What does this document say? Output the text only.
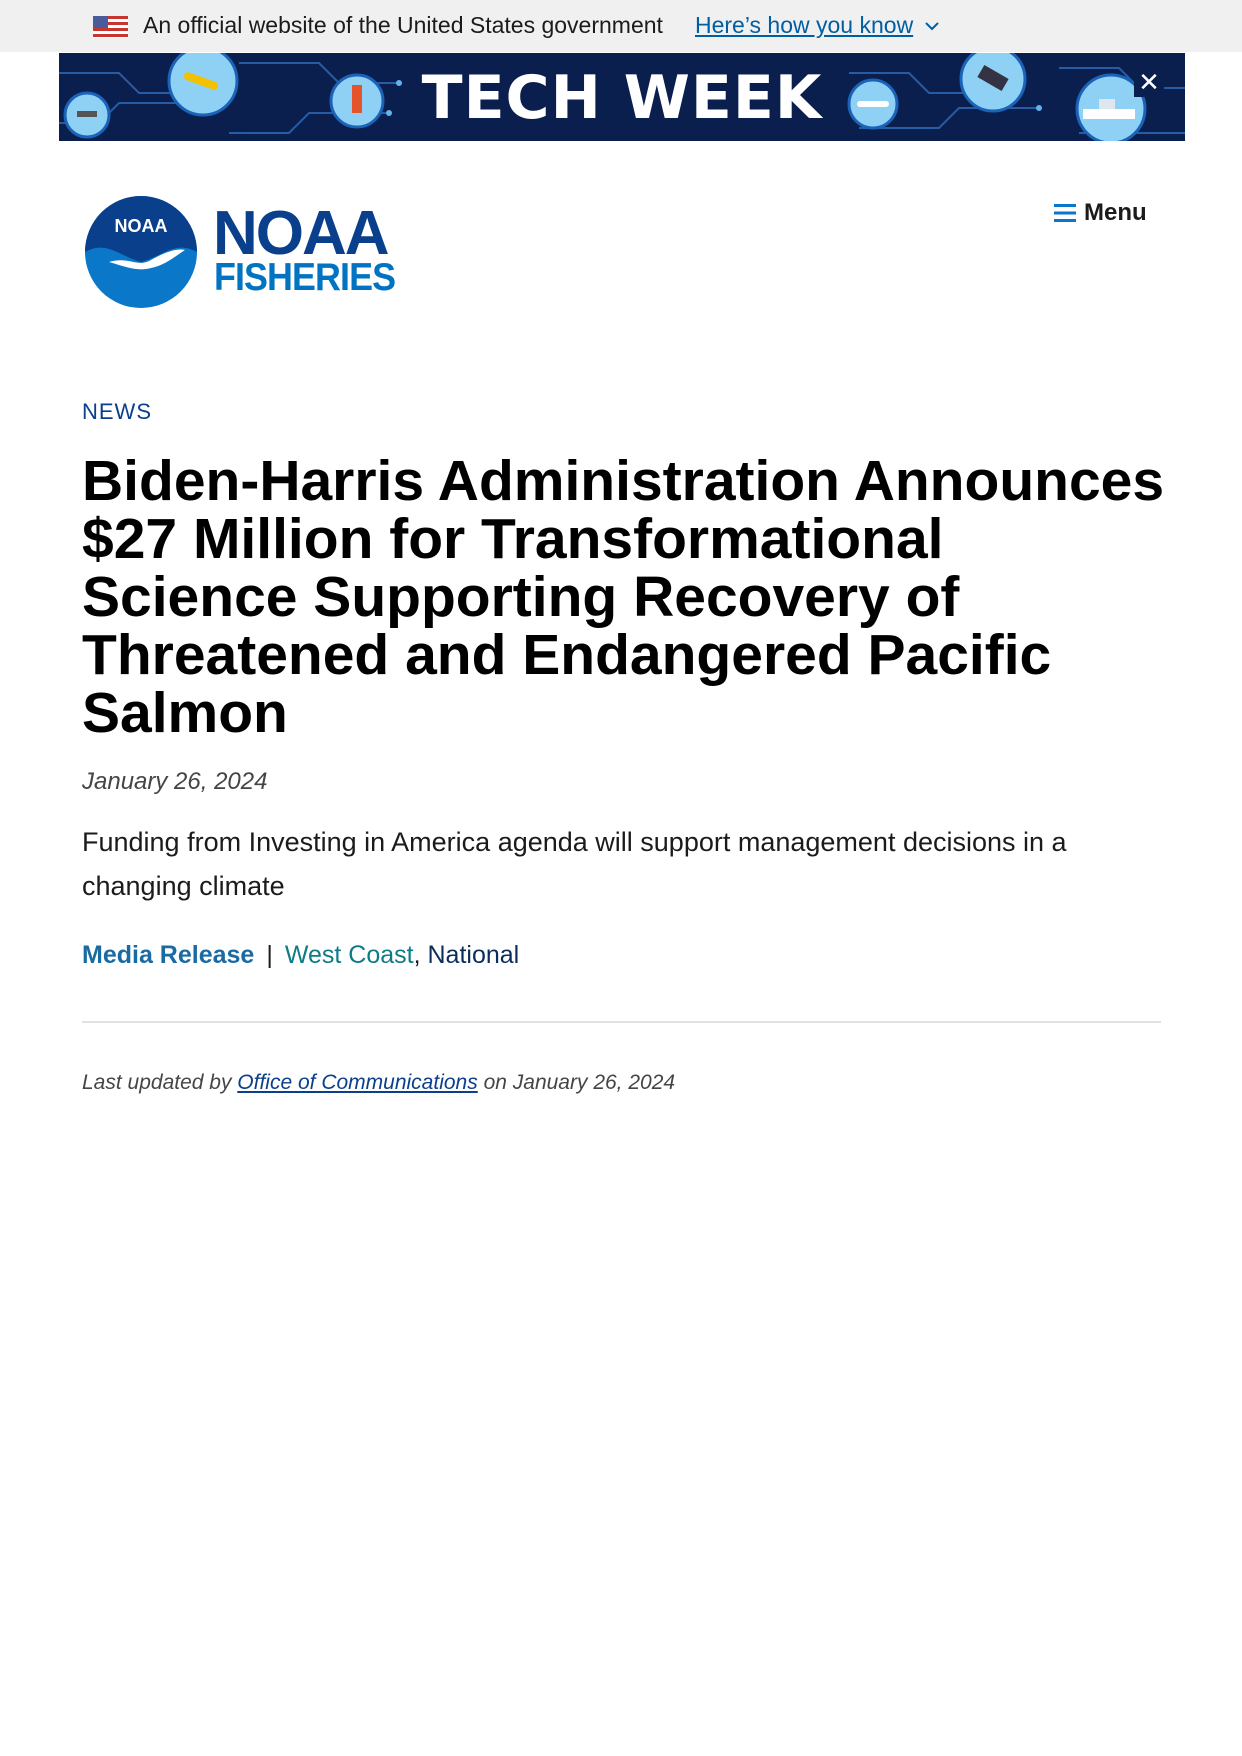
An official website of the United States government Here’s how you know
TECH WEEK	✕
NOAA NOAA
FISHERIES
Menu
NEWS
Biden-Harris Administration Announces $27 Million for Transformational Science Supporting Recovery of Threatened and Endangered Pacific Salmon
January 26, 2024

Funding from Investing in America agenda will support management decisions in a changing climate

Media Release | West Coast, National
Last updated by Office of Communications on January 26, 2024
